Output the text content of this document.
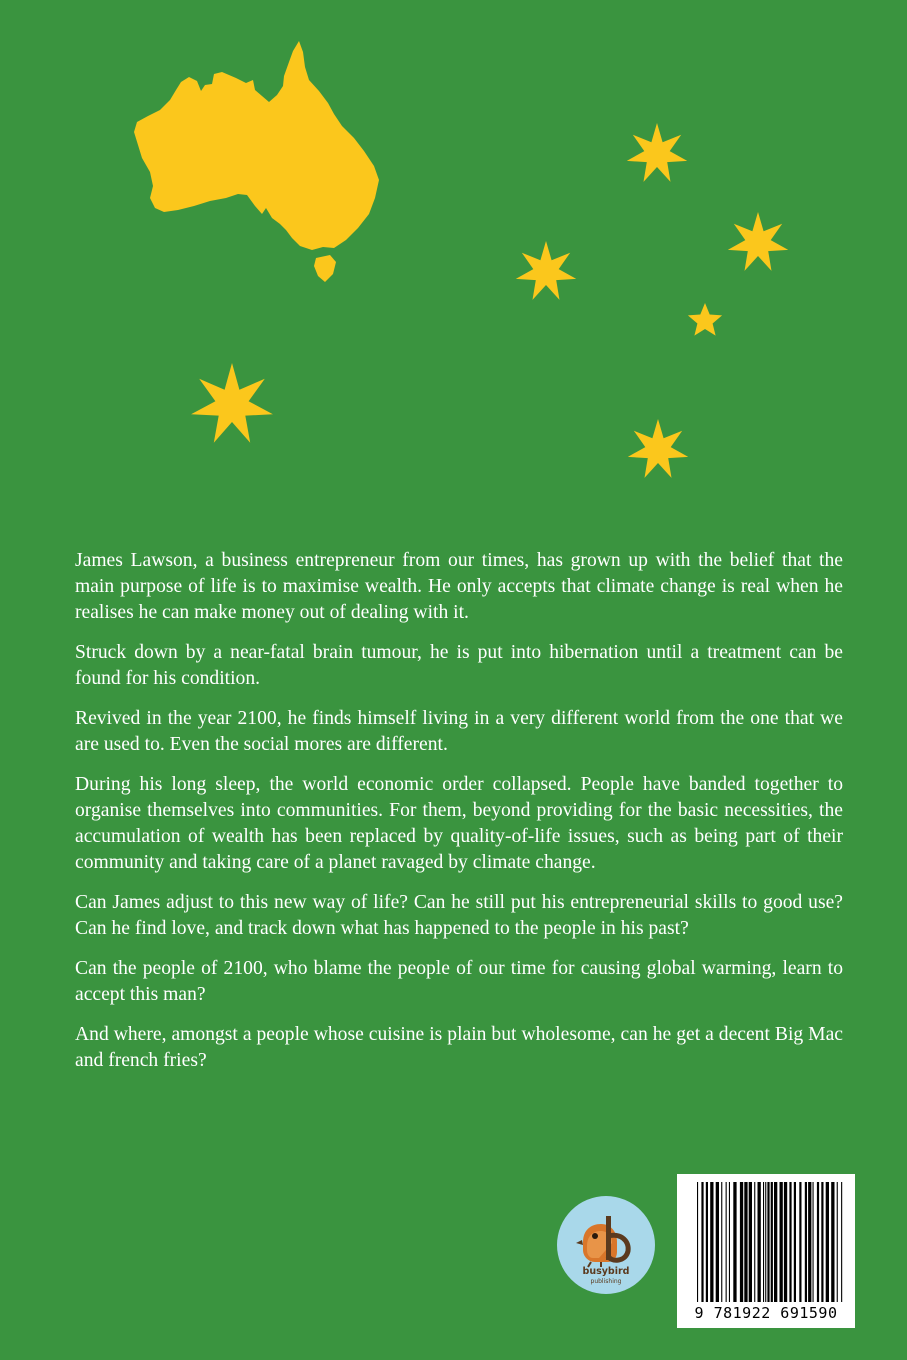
James Lawson, a business entrepreneur from our times, has grown up with the belief that the main purpose of life is to maximise wealth. He only accepts that climate change is real when he realises he can make money out of dealing with it.

Struck down by a near-fatal brain tumour, he is put into hibernation until a treatment can be found for his condition.

Revived in the year 2100, he finds himself living in a very different world from the one that we are used to. Even the social mores are different.

During his long sleep, the world economic order collapsed. People have banded together to organise themselves into communities. For them, beyond providing for the basic necessities, the accumulation of wealth has been replaced by quality-of-life issues, such as being part of their community and taking care of a planet ravaged by climate change.

Can James adjust to this new way of life? Can he still put his entrepreneurial skills to good use? Can he find love, and track down what has happened to the people in his past?

Can the people of 2100, who blame the people of our time for causing global warming, learn to accept this man?

And where, amongst a people whose cuisine is plain but wholesome, can he get a decent Big Mac and french fries?

busybird
publishing
9 781922 691590
